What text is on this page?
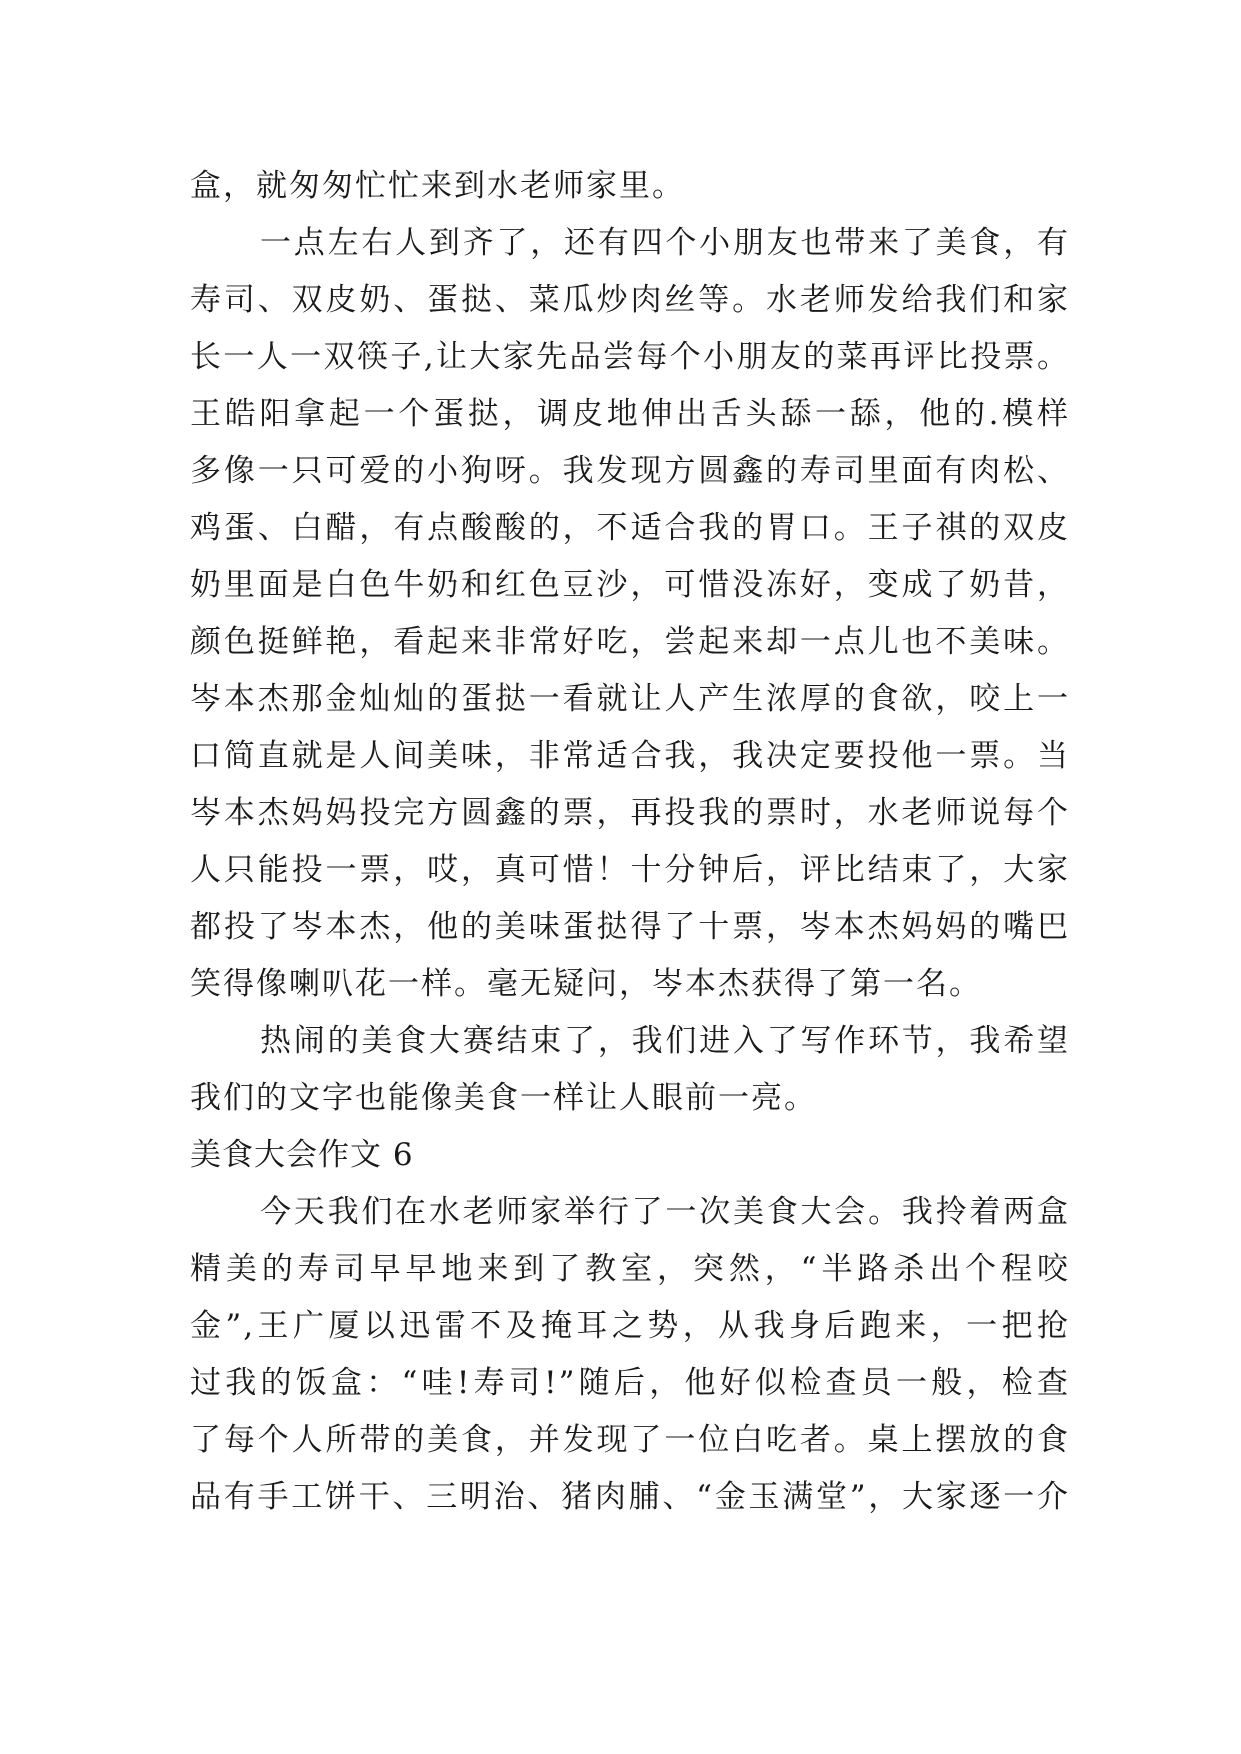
盒，就匆匆忙忙来到水老师家里。
一点左右人到齐了，还有四个小朋友也带来了美食，有
寿司、双皮奶、蛋挞、菜瓜炒肉丝等。水老师发给我们和家
长一人一双筷子,让大家先品尝每个小朋友的菜再评比投票。
王皓阳拿起一个蛋挞，调皮地伸出舌头舔一舔，他的.模样
多像一只可爱的小狗呀。我发现方圆鑫的寿司里面有肉松、
鸡蛋、白醋，有点酸酸的，不适合我的胃口。王子祺的双皮
奶里面是白色牛奶和红色豆沙，可惜没冻好，变成了奶昔，
颜色挺鲜艳，看起来非常好吃，尝起来却一点儿也不美味。
岑本杰那金灿灿的蛋挞一看就让人产生浓厚的食欲，咬上一
口简直就是人间美味，非常适合我，我决定要投他一票。当
岑本杰妈妈投完方圆鑫的票，再投我的票时，水老师说每个
人只能投一票，哎，真可惜！十分钟后，评比结束了，大家
都投了岑本杰，他的美味蛋挞得了十票，岑本杰妈妈的嘴巴
笑得像喇叭花一样。毫无疑问，岑本杰获得了第一名。
热闹的美食大赛结束了，我们进入了写作环节，我希望
我们的文字也能像美食一样让人眼前一亮。
美食大会作文 6
今天我们在水老师家举行了一次美食大会。我拎着两盒
精美的寿司早早地来到了教室，突然，“半路杀出个程咬
金”,王广厦以迅雷不及掩耳之势，从我身后跑来，一把抢
过我的饭盒：“哇!寿司!”随后，他好似检查员一般，检查
了每个人所带的美食，并发现了一位白吃者。桌上摆放的食
品有手工饼干、三明治、猪肉脯、“金玉满堂”，大家逐一介
